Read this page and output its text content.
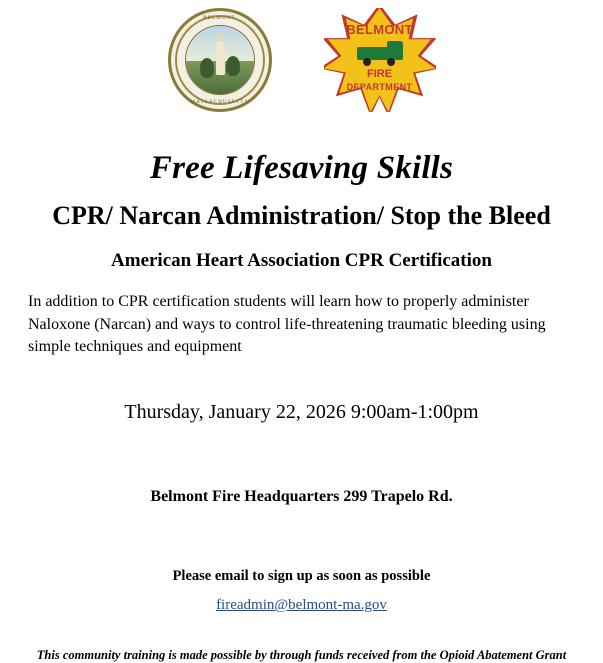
BELMONT
MASSACHUSETTS
BELMONT
FIRE
DEPARTMENT
Free Lifesaving Skills
CPR/ Narcan Administration/ Stop the Bleed
American Heart Association CPR Certification
In addition to CPR certification students will learn how to properly administer Naloxone (Narcan) and ways to control life-threatening traumatic bleeding using simple techniques and equipment
Thursday, January 22, 2026 9:00am-1:00pm
Belmont Fire Headquarters 299 Trapelo Rd.
Please email to sign up as soon as possible
fireadmin@belmont-ma.gov
This community training is made possible by through funds received from the Opioid Abatement Grant
